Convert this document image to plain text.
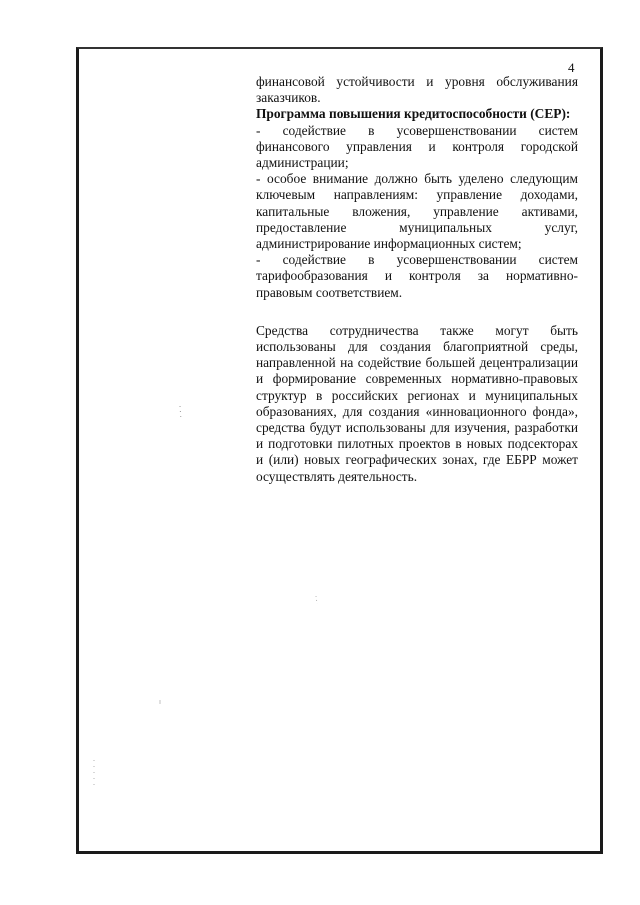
4

финансовой устойчивости и уровня обслуживания заказчиков.

Программа повышения кредитоспособности (СЕР):

- содействие в усовершенствовании систем финансового управления и контроля городской администрации;

- особое внимание должно быть уделено следующим ключевым направлениям: управление доходами, капитальные вложения, управление активами, предоставление муниципальных услуг, администрирование информационных систем;

- содействие в усовершенствовании систем тарифообразования и контроля за нормативно-правовым соответствием.

Средства сотрудничества также могут быть использованы для создания благоприятной среды, направленной на содействие большей децентрализации и формирование современных нормативно-правовых структур в российских регионах и муниципальных образованиях, для создания «инновационного фонда», средства будут использованы для изучения, разработки и подготовки пилотных проектов в новых подсекторах и (или) новых географических зонах, где ЕБРР может осуществлять деятельность.
